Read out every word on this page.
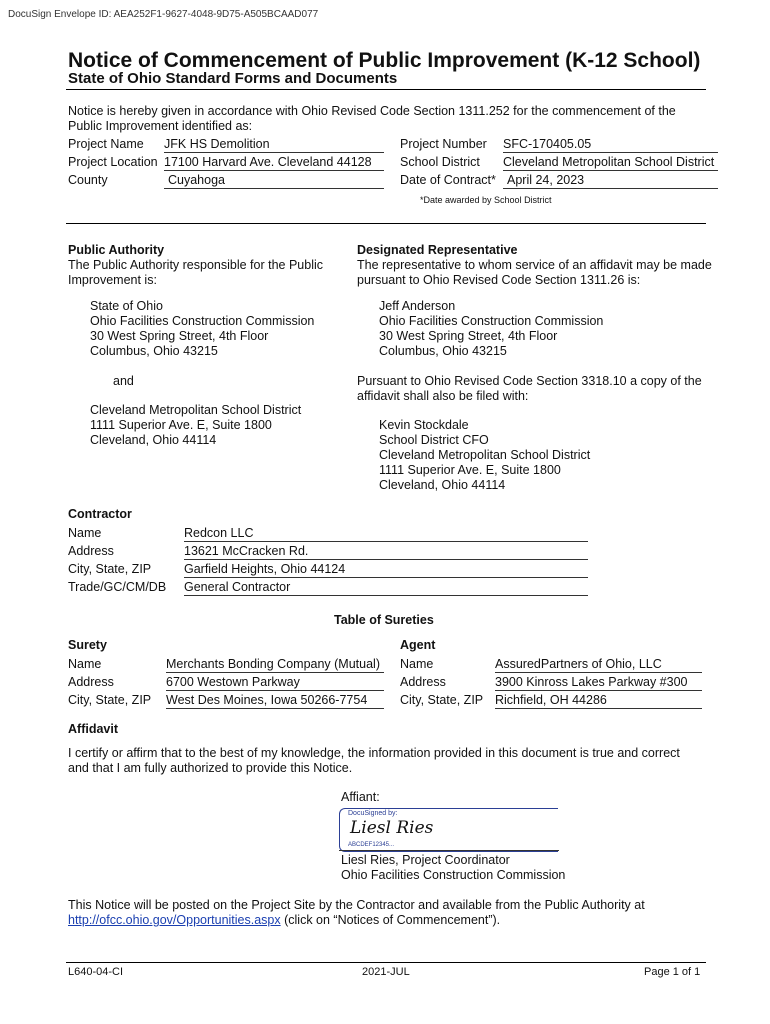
DocuSign Envelope ID: AEA252F1-9627-4048-9D75-A505BCAAD077
Notice of Commencement of Public Improvement (K-12 School)
State of Ohio Standard Forms and Documents
Notice is hereby given in accordance with Ohio Revised Code Section 1311.252 for the commencement of the
Public Improvement identified as:
Project Name JFK HS Demolition
Project Location 17100 Harvard Ave. Cleveland 44128
County	Cuyahoga
Project Number SFC-170405.05
School District Cleveland Metropolitan School District
Date of Contract* April 24, 2023
*Date awarded by School District
Public Authority
The Public Authority responsible for the Public
Improvement is:
State of Ohio
Ohio Facilities Construction Commission
30 West Spring Street, 4th Floor
Columbus, Ohio 43215
and
Cleveland Metropolitan School District
1111 Superior Ave. E, Suite 1800
Cleveland, Ohio 44114
Designated Representative
The representative to whom service of an affidavit may be made
pursuant to Ohio Revised Code Section 1311.26 is:
Jeff Anderson
Ohio Facilities Construction Commission
30 West Spring Street, 4th Floor
Columbus, Ohio 43215
Pursuant to Ohio Revised Code Section 3318.10 a copy of the
affidavit shall also be filed with:
Kevin Stockdale
School District CFO
Cleveland Metropolitan School District
1111 Superior Ave. E, Suite 1800
Cleveland, Ohio 44114
Contractor
Name	Redcon LLC
Address	13621 McCracken Rd.
City, State, ZIP	Garfield Heights, Ohio 44124
Trade/GC/CM/DB General Contractor
Table of Sureties
Surety
Name	Merchants Bonding Company (Mutual)
Address	6700 Westown Parkway
City, State, ZIP West Des Moines, Iowa 50266-7754
Agent
Name	AssuredPartners of Ohio, LLC
Address	3900 Kinross Lakes Parkway #300
City, State, ZIP Richfield, OH 44286
Affidavit
I certify or affirm that to the best of my knowledge, the information provided in this document is true and correct
and that I am fully authorized to provide this Notice.
Affiant:
DocuSigned by:
Liesl Ries
ABCDEF12345...
Liesl Ries, Project Coordinator
Ohio Facilities Construction Commission
This Notice will be posted on the Project Site by the Contractor and available from the Public Authority at
http://ofcc.ohio.gov/Opportunities.aspx (click on “Notices of Commencement”).
L640-04-CI	2021-JUL	Page 1 of 1
